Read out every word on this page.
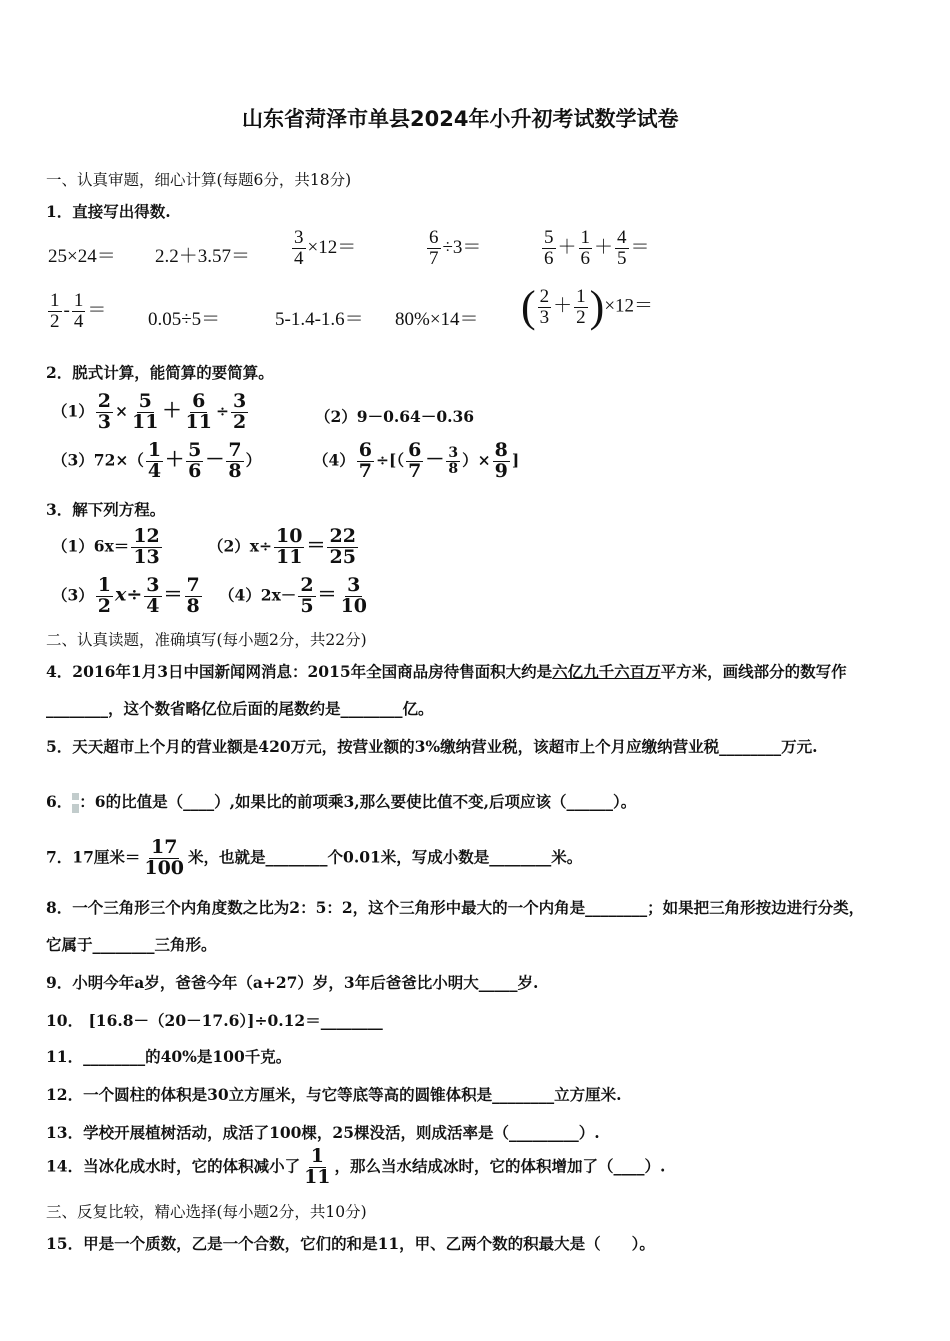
山东省菏泽市单县2024年小升初考试数学试卷
一、认真审题，细心计算(每题6分，共18分)
1．直接写出得数.
$25\times 24= 2.2+3.57= \frac{3}{4} \times 12=$	$\frac{6}{7} \div 3=$	$\frac{5}{6} + \frac{1}{6} + \frac{4}{5}$ ＝
$\frac{1}{2} - \frac{1}{4} = 0.05\div 5=$	5-1.4-1.6＝ 80%×14＝ ( $\frac{2}{3} + \frac{1}{2} )\times 12=$
2．脱式计算，能简算的要简算。
$(1) \frac{2}{3} \times \frac{5}{11} + \frac{6}{11} \div \frac{3}{2}$	（2）9－0.64－0.36
$(3)72\times( \frac{1}{4} + \frac{5}{6} - \frac{7}{8}$ ）	$(4) \frac{6}{7}$ ÷[（ $\frac{6}{7} - \frac{3}{8}$ ）× $\frac{8}{9}$ ]
3．解下列方程。
$(1)6x= \frac{12}{13}$	$(2)x\div \frac{10}{11} = \frac{22}{25}$
$(3) \frac{1}{2} x\div \frac{3}{4} = \frac{7}{8} (4)2x- \frac{2}{5} = \frac{3}{10}$
二、认真读题，准确填写(每小题2分，共22分)
4．2016年1月3日中国新闻网消息：2015年全国商品房待售面积大约是六亿九千六百万平方米，画线部分的数写作
________，这个数省略亿位后面的尾数约是________亿。
5．天天超市上个月的营业额是420万元，按营业额的3%缴纳营业税，该超市上个月应缴纳营业税________万元.
6． ：6的比值是（____）,如果比的前项乘3,那么要使比值不变,后项应该（______）。
7．17厘米＝ $\frac{17}{100}$ 米，也就是________个0.01米，写成小数是________米。
8．一个三角形三个内角度数之比为2：5：2，这个三角形中最大的一个内角是________；如果把三角形按边进行分类，
它属于________三角形。
9．小明今年a岁，爸爸今年（a+27）岁，3年后爸爸比小明大_____岁.
10． [16.8－（20－17.6）]÷0.12＝________
11．________的40%是100千克。
12．一个圆柱的体积是30立方厘米，与它等底等高的圆锥体积是________立方厘米.
13．学校开展植树活动，成活了100棵，25棵没活，则成活率是（_________）.
14．当冰化成水时，它的体积减小了 $\frac{1}{11}$ ，那么当水结成冰时，它的体积增加了（____）.
三、反复比较，精心选择(每小题2分，共10分)
15．甲是一个质数，乙是一个合数，它们的和是11，甲、乙两个数的积最大是（　　）。
